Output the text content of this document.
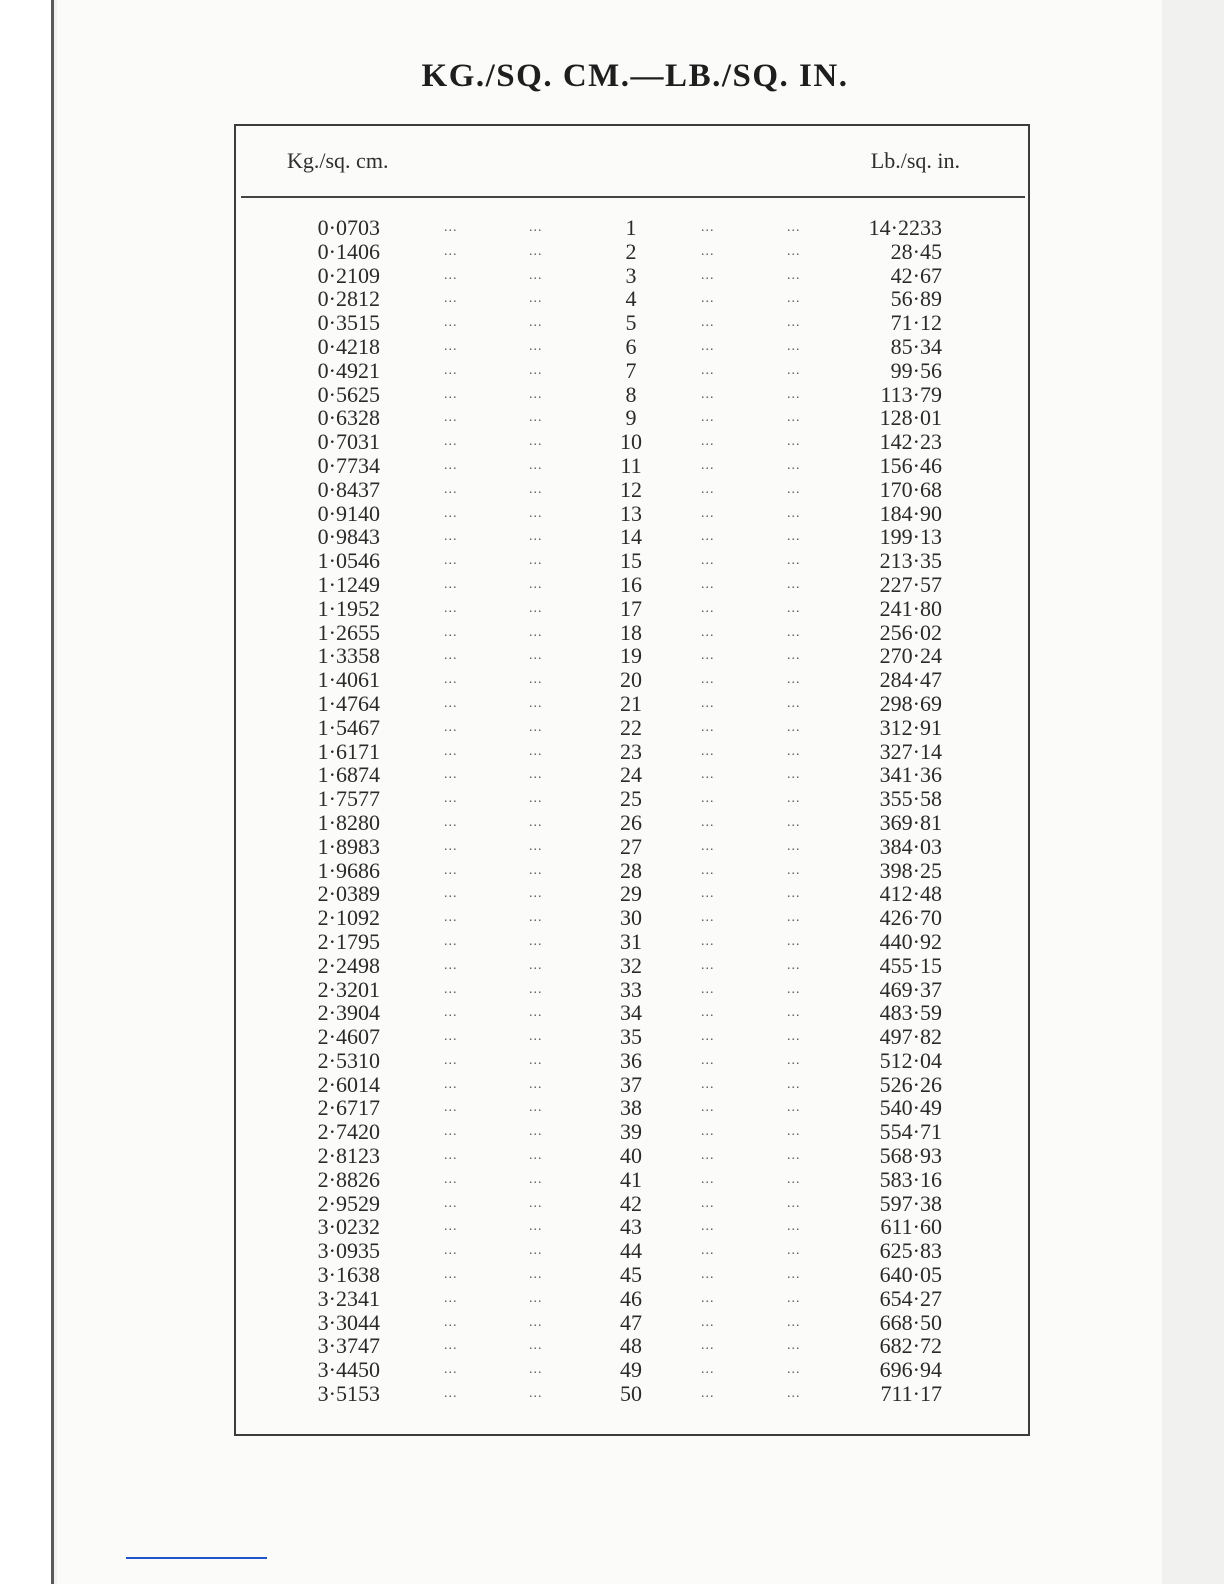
KG./SQ. CM.—LB./SQ. IN.
Kg./sq. cm.	Lb./sq. in.
0·0703	...	...	1	...	...	14·2233
0·1406	...	...	2	...	...	28·45
0·2109	...	...	3	...	...	42·67
0·2812	...	...	4	...	...	56·89
0·3515	...	...	5	...	...	71·12
0·4218	...	...	6	...	...	85·34
0·4921	...	...	7	...	...	99·56
0·5625	...	...	8	...	...	113·79
0·6328	...	...	9	...	...	128·01
0·7031	...	...	10	...	...	142·23
0·7734	...	...	11	...	...	156·46
0·8437	...	...	12	...	...	170·68
0·9140	...	...	13	...	...	184·90
0·9843	...	...	14	...	...	199·13
1·0546	...	...	15	...	...	213·35
1·1249	...	...	16	...	...	227·57
1·1952	...	...	17	...	...	241·80
1·2655	...	...	18	...	...	256·02
1·3358	...	...	19	...	...	270·24
1·4061	...	...	20	...	...	284·47
1·4764	...	...	21	...	...	298·69
1·5467	...	...	22	...	...	312·91
1·6171	...	...	23	...	...	327·14
1·6874	...	...	24	...	...	341·36
1·7577	...	...	25	...	...	355·58
1·8280	...	...	26	...	...	369·81
1·8983	...	...	27	...	...	384·03
1·9686	...	...	28	...	...	398·25
2·0389	...	...	29	...	...	412·48
2·1092	...	...	30	...	...	426·70
2·1795	...	...	31	...	...	440·92
2·2498	...	...	32	...	...	455·15
2·3201	...	...	33	...	...	469·37
2·3904	...	...	34	...	...	483·59
2·4607	...	...	35	...	...	497·82
2·5310	...	...	36	...	...	512·04
2·6014	...	...	37	...	...	526·26
2·6717	...	...	38	...	...	540·49
2·7420	...	...	39	...	...	554·71
2·8123	...	...	40	...	...	568·93
2·8826	...	...	41	...	...	583·16
2·9529	...	...	42	...	...	597·38
3·0232	...	...	43	...	...	611·60
3·0935	...	...	44	...	...	625·83
3·1638	...	...	45	...	...	640·05
3·2341	...	...	46	...	...	654·27
3·3044	...	...	47	...	...	668·50
3·3747	...	...	48	...	...	682·72
3·4450	...	...	49	...	...	696·94
3·5153	...	...	50	...	...	711·17
